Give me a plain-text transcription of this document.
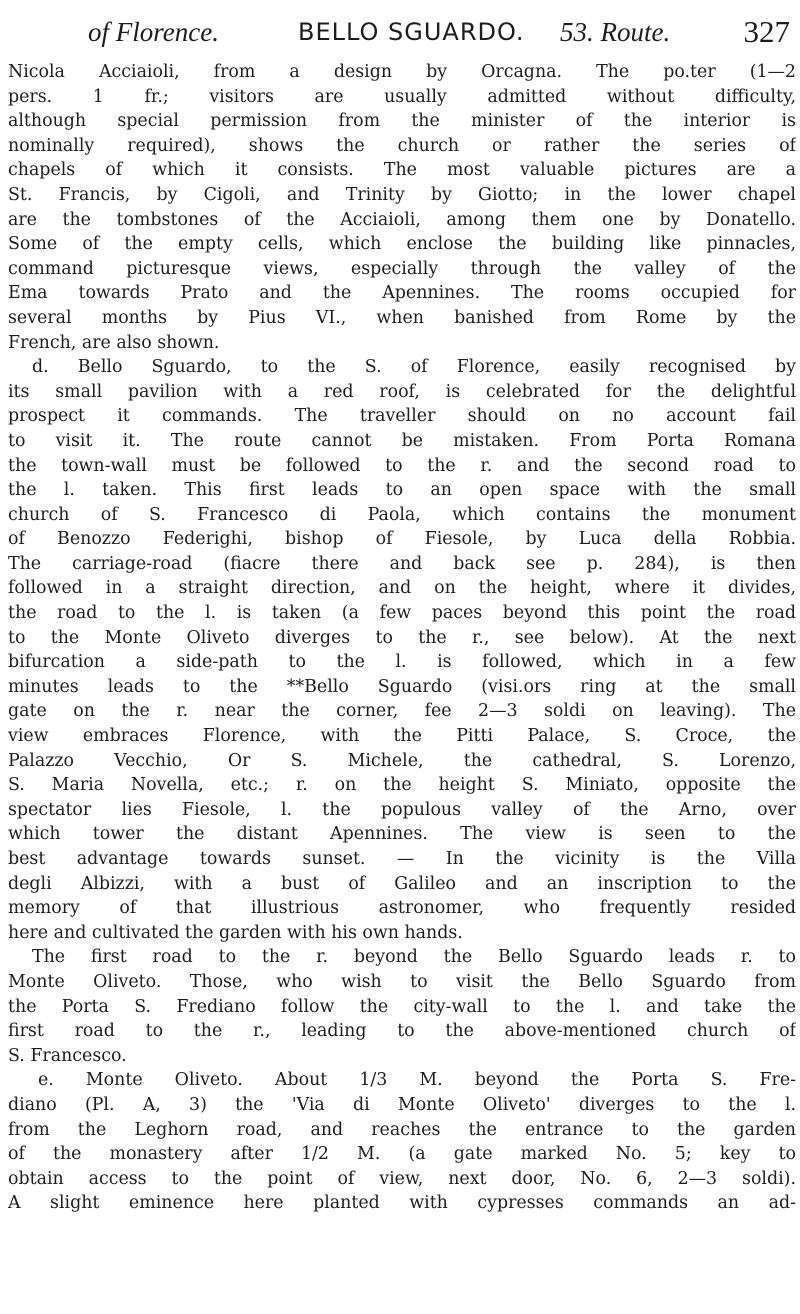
of Florence.	BELLO SGUARDO. 53. Route. 327
Nicola Acciaioli, from a design by Orcagna. The po.ter (1—2
pers. 1 fr.; visitors are usually admitted without difficulty,
although special permission from the minister of the interior is
nominally required), shows the church or rather the series of
chapels of which it consists. The most valuable pictures are a
St. Francis, by Cigoli, and Trinity by Giotto; in the lower chapel
are the tombstones of the Acciaioli, among them one by Donatello.
Some of the empty cells, which enclose the building like pinnacles,
command picturesque views, especially through the valley of the
Ema towards Prato and the Apennines. The rooms occupied for
several months by Pius VI., when banished from Rome by the
French, are also shown.
d. Bello Sguardo, to the S. of Florence, easily recognised by
its small pavilion with a red roof, is celebrated for the delightful
prospect it commands. The traveller should on no account fail
to visit it. The route cannot be mistaken. From Porta Romana
the town-wall must be followed to the r. and the second road to
the l. taken. This first leads to an open space with the small
church of S. Francesco di Paola, which contains the monument
of Benozzo Federighi, bishop of Fiesole, by Luca della Robbia.
The carriage-road (fiacre there and back see p. 284), is then
followed in a straight direction, and on the height, where it divides,
the road to the l. is taken (a few paces beyond this point the road
to the Monte Oliveto diverges to the r., see below). At the next
bifurcation a side-path to the l. is followed, which in a few
minutes leads to the **Bello Sguardo (visi.ors ring at the small
gate on the r. near the corner, fee 2—3 soldi on leaving). The
view embraces Florence, with the Pitti Palace, S. Croce, the
Palazzo Vecchio, Or S. Michele, the cathedral, S. Lorenzo,
S. Maria Novella, etc.; r. on the height S. Miniato, opposite the
spectator lies Fiesole, l. the populous valley of the Arno, over
which tower the distant Apennines. The view is seen to the
best advantage towards sunset. — In the vicinity is the Villa
degli Albizzi, with a bust of Galileo and an inscription to the
memory of that illustrious astronomer, who frequently resided
here and cultivated the garden with his own hands.
The first road to the r. beyond the Bello Sguardo leads r. to
Monte Oliveto. Those, who wish to visit the Bello Sguardo from
the Porta S. Frediano follow the city-wall to the l. and take the
first road to the r., leading to the above-mentioned church of
S. Francesco.
e. Monte Oliveto. About 1/3 M. beyond the Porta S. Fre-
diano (Pl. A, 3) the 'Via di Monte Oliveto' diverges to the l.
from the Leghorn road, and reaches the entrance to the garden
of the monastery after 1/2 M. (a gate marked No. 5; key to
obtain access to the point of view, next door, No. 6, 2—3 soldi).
A slight eminence here planted with cypresses commands an ad-
